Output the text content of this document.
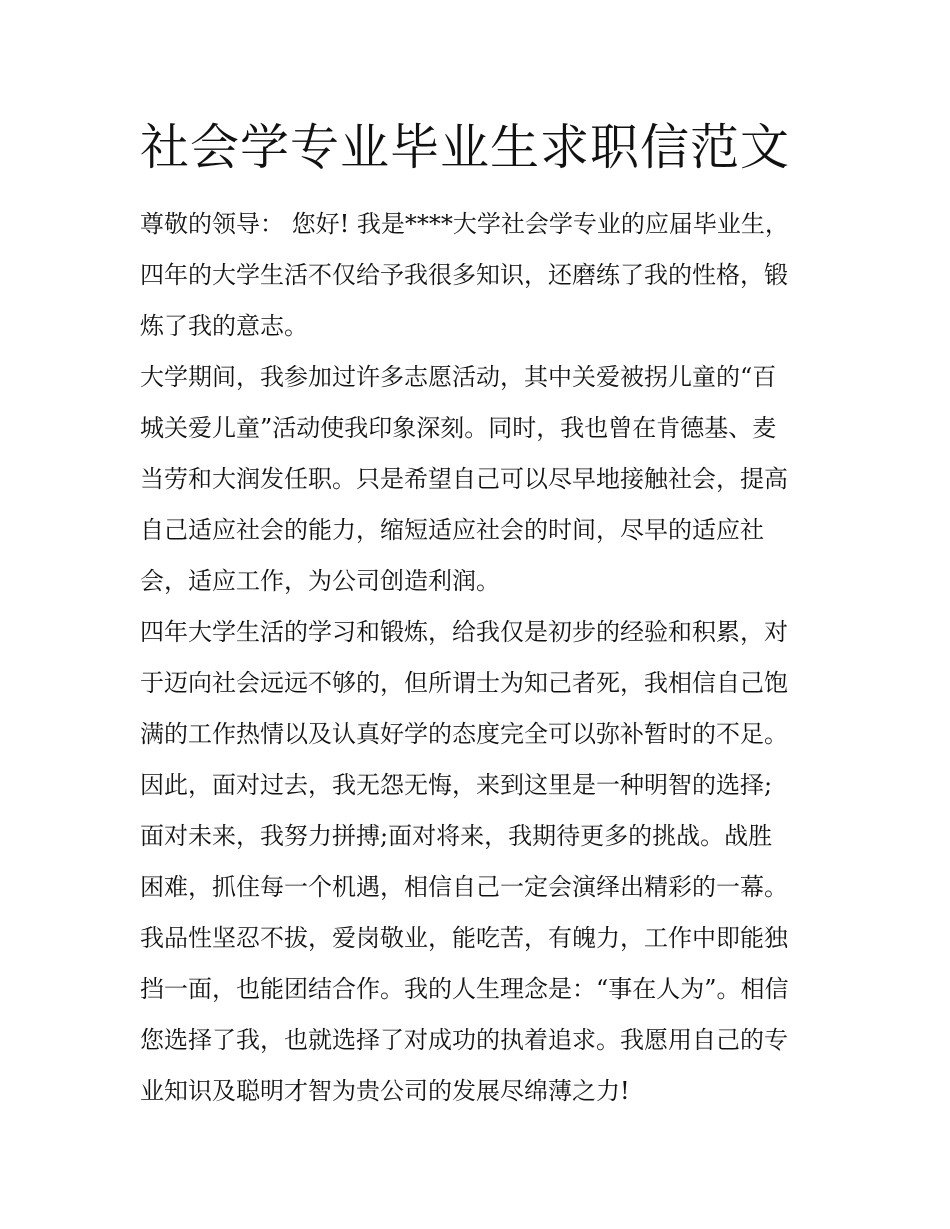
社会学专业毕业生求职信范文
尊敬的领导： 您好! 我是****大学社会学专业的应届毕业生，
四年的大学生活不仅给予我很多知识，还磨练了我的性格，锻
炼了我的意志。
大学期间，我参加过许多志愿活动，其中关爱被拐儿童的“百
城关爱儿童”活动使我印象深刻。同时，我也曾在肯德基、麦
当劳和大润发任职。只是希望自己可以尽早地接触社会，提高
自己适应社会的能力，缩短适应社会的时间，尽早的适应社
会，适应工作，为公司创造利润。
四年大学生活的学习和锻炼，给我仅是初步的经验和积累，对
于迈向社会远远不够的，但所谓士为知己者死，我相信自己饱
满的工作热情以及认真好学的态度完全可以弥补暂时的不足。
因此，面对过去，我无怨无悔，来到这里是一种明智的选择;
面对未来，我努力拼搏;面对将来，我期待更多的挑战。战胜
困难，抓住每一个机遇，相信自己一定会演绎出精彩的一幕。
我品性坚忍不拔，爱岗敬业，能吃苦，有魄力，工作中即能独
挡一面，也能团结合作。我的人生理念是：“事在人为”。相信
您选择了我，也就选择了对成功的执着追求。我愿用自己的专
业知识及聪明才智为贵公司的发展尽绵薄之力!
